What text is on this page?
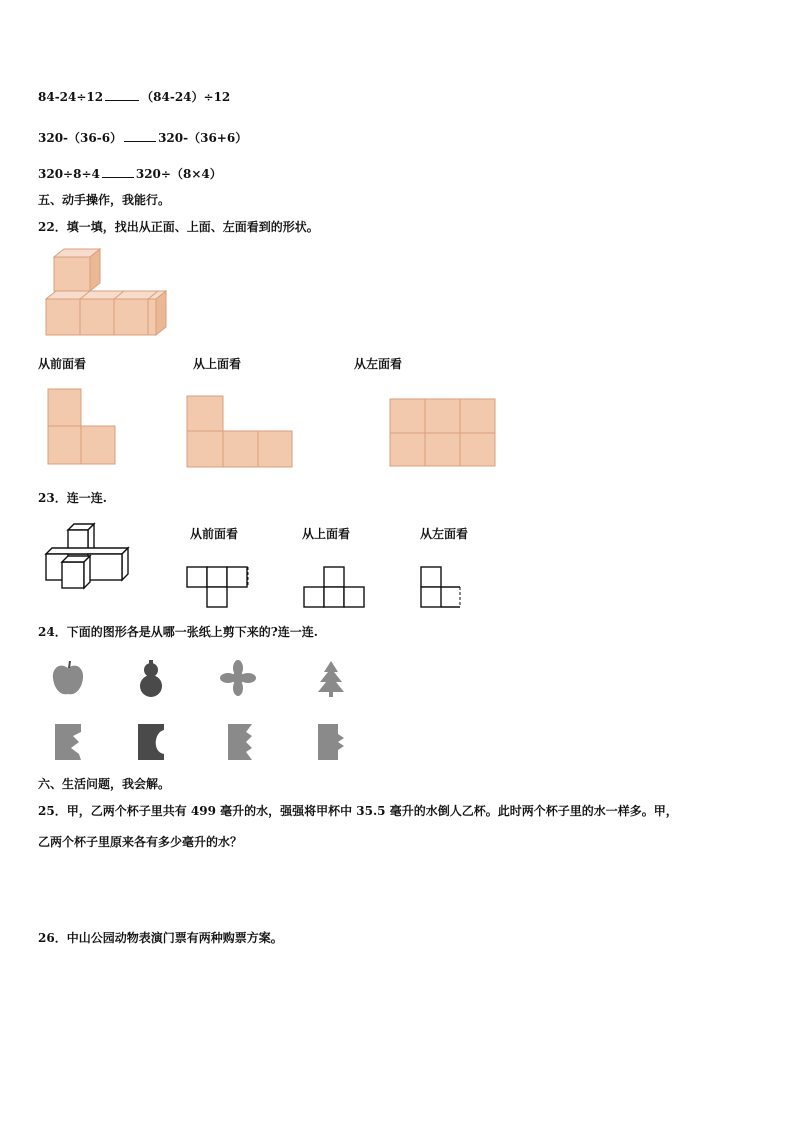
84-24÷12	（84-24）÷12
320-（36-6）	320-（36+6）
320÷8÷4	320÷（8×4）
五、动手操作，我能行。
22．填一填，找出从正面、上面、左面看到的形状。
从前面看	从上面看	从左面看
23．连一连.
从前面看	从上面看	从左面看
24．下面的图形各是从哪一张纸上剪下来的?连一连.
六、生活问题，我会解。
25．甲，乙两个杯子里共有 499 毫升的水，强强将甲杯中 35.5 毫升的水倒人乙杯。此时两个杯子里的水一样多。甲，
乙两个杯子里原来各有多少毫升的水？
26．中山公园动物表演门票有两种购票方案。
